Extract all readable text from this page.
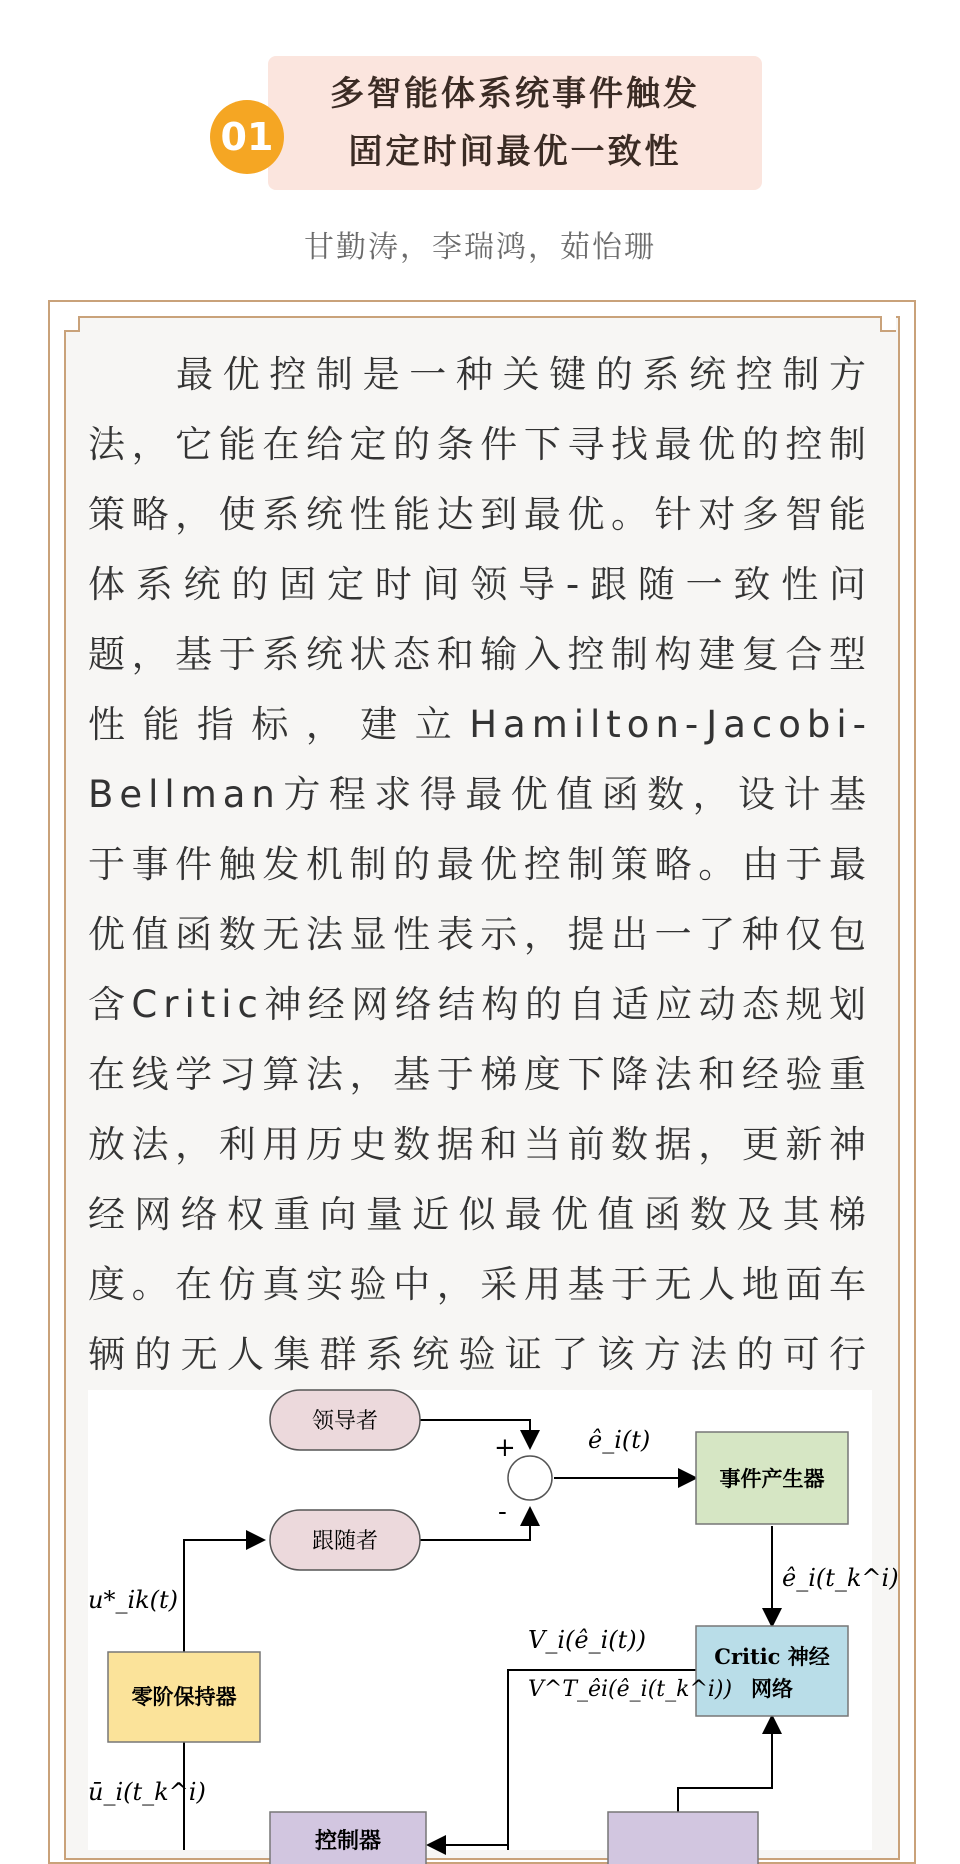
多智能体系统事件触发
固定时间最优一致性
01
甘勤涛，李瑞鸿，茹怡珊

最优控制是一种关键的系统控制方法，它能在给定的条件下寻找最优的控制策略，使系统性能达到最优。针对多智能体系统的固定时间领导-跟随一致性问题，基于系统状态和输入控制构建复合型性能指标，建立Hamilton-Jacobi-Bellman方程求得最优值函数，设计基于事件触发机制的最优控制策略。由于最优值函数无法显性表示，提出一了种仅包含Critic神经网络结构的自适应动态规划在线学习算法，基于梯度下降法和经验重放法，利用历史数据和当前数据，更新神经网络权重向量近似最优值函数及其梯度。在仿真实验中，采用基于无人地面车辆的无人集群系统验证了该方法的可行

领导者
跟随者
+
-
事件产生器
Critic 神经
网络
零阶保持器
控制器
ê_i(t)
ê_i(t_k^i)
V_i(ê_i(t))
V^T_êi(ê_i(t_k^i))
u*_ik(t)
ū_i(t_k^i)
